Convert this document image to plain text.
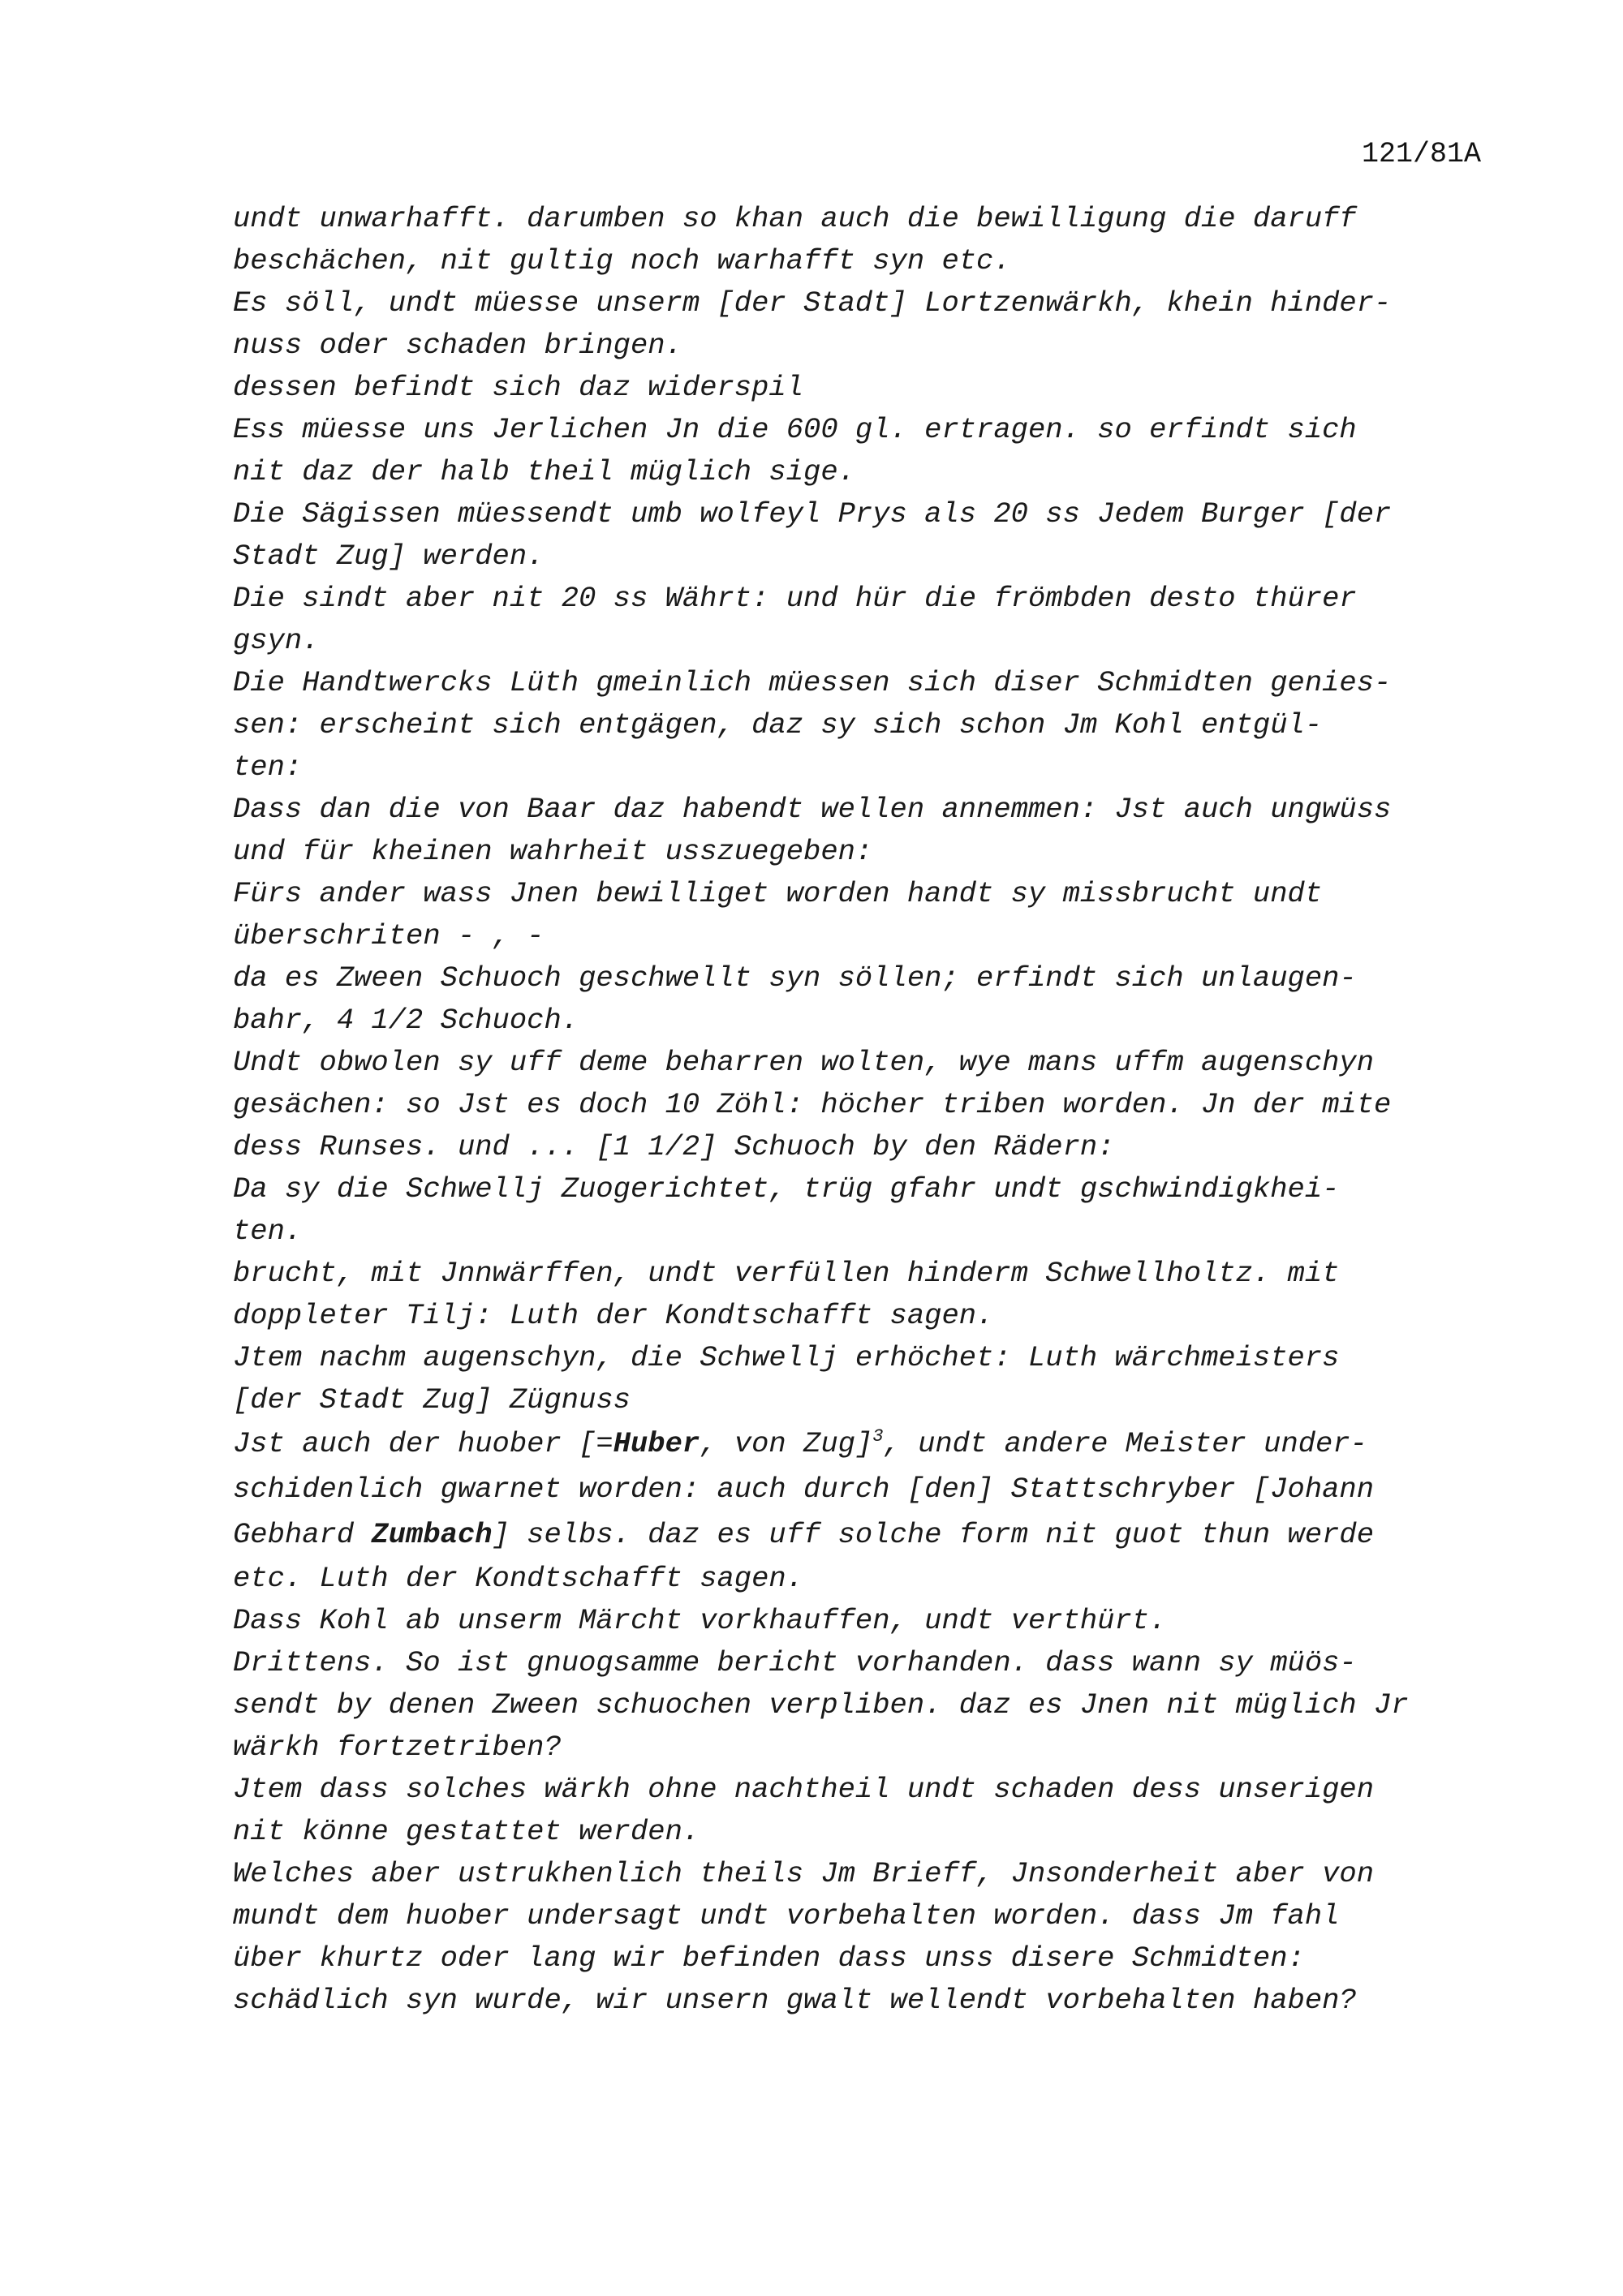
121/81A

undt unwarhafft. darumben so khan auch die bewilligung die daruff
beschächen, nit gultig noch warhafft syn etc.
Es söll, undt müesse unserm [der Stadt] Lortzenwärkh, khein hinder-
nuss oder schaden bringen.
dessen befindt sich daz widerspil
Ess müesse uns Jerlichen Jn die 600 gl. ertragen. so erfindt sich
nit daz der halb theil müglich sige.
Die Sägissen müessendt umb wolfeyl Prys als 20 ss Jedem Burger [der
Stadt Zug] werden.
Die sindt aber nit 20 ss Währt: und hür die frömbden desto thürer
gsyn.
Die Handtwercks Lüth gmeinlich müessen sich diser Schmidten genies-
sen: erscheint sich entgägen, daz sy sich schon Jm Kohl entgül-
ten:
Dass dan die von Baar daz habendt wellen annemmen: Jst auch ungwüss
und für kheinen wahrheit usszuegeben:
Fürs ander wass Jnen bewilliget worden handt sy missbrucht undt
überschriten - , -
da es Zween Schuoch geschwellt syn söllen; erfindt sich unlaugen-
bahr, 4 1/2 Schuoch.
Undt obwolen sy uff deme beharren wolten, wye mans uffm augenschyn
gesächen: so Jst es doch 10 Zöhl: höcher triben worden. Jn der mite
dess Runses. und ... [1 1/2] Schuoch by den Rädern:
Da sy die Schwellj Zuogerichtet, trüg gfahr undt gschwindigkhei-
ten.
brucht, mit Jnnwärffen, undt verfüllen hinderm Schwellholtz. mit
doppleter Tilj: Luth der Kondtschafft sagen.
Jtem nachm augenschyn, die Schwellj erhöchet: Luth wärchmeisters
[der Stadt Zug] Zügnuss
Jst auch der huober [=Huber, von Zug]$^3$, undt andere Meister under-
schidenlich gwarnet worden: auch durch [den] Stattschryber [Johann
Gebhard Zumbach] selbs. daz es uff solche form nit guot thun werde
etc. Luth der Kondtschafft sagen.
Dass Kohl ab unserm Märcht vorkhauffen, undt verthürt.
Drittens. So ist gnuogsamme bericht vorhanden. dass wann sy müös-
sendt by denen Zween schuochen verpliben. daz es Jnen nit müglich Jr
wärkh fortzetriben?
Jtem dass solches wärkh ohne nachtheil undt schaden dess unserigen
nit könne gestattet werden.
Welches aber ustrukhenlich theils Jm Brieff, Jnsonderheit aber von
mundt dem huober undersagt undt vorbehalten worden. dass Jm fahl
über khurtz oder lang wir befinden dass unss disere Schmidten:
schädlich syn wurde, wir unsern gwalt wellendt vorbehalten haben?
